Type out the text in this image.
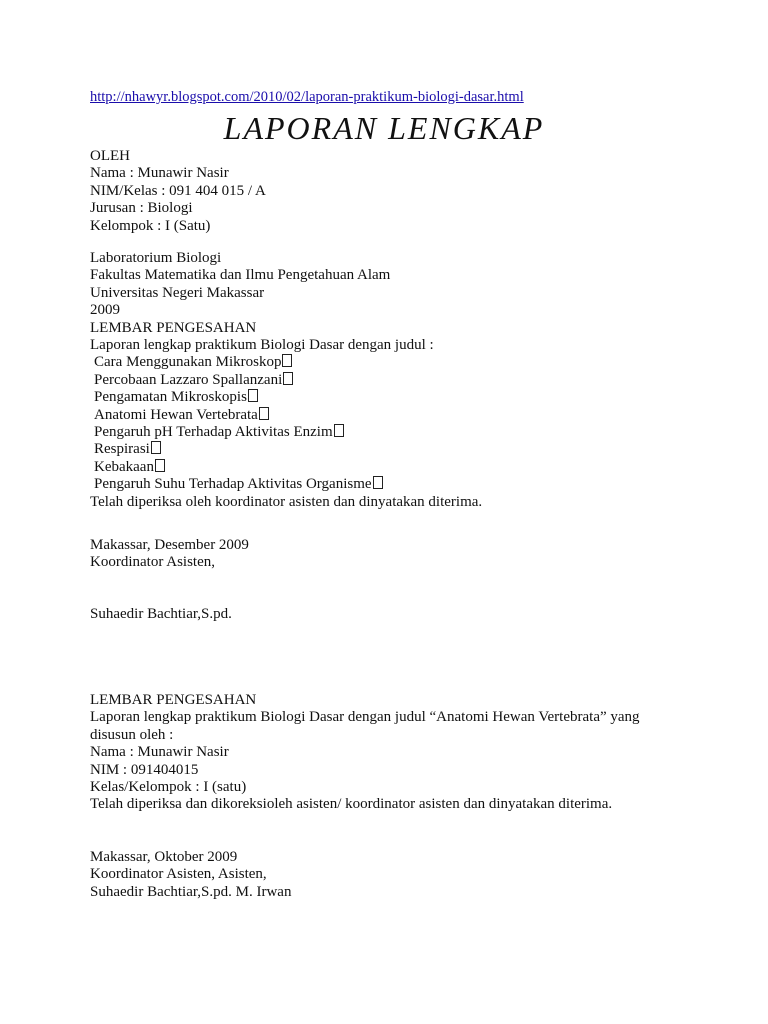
http://nhawyr.blogspot.com/2010/02/laporan-praktikum-biologi-dasar.html
LAPORAN LENGKAP
OLEH
Nama : Munawir Nasir
NIM/Kelas : 091 404 015 / A
Jurusan : Biologi
Kelompok : I (Satu)
Laboratorium Biologi
Fakultas Matematika dan Ilmu Pengetahuan Alam
Universitas Negeri Makassar
2009
LEMBAR PENGESAHAN
Laporan lengkap praktikum Biologi Dasar dengan judul :
Cara Menggunakan Mikroskop
Percobaan Lazzaro Spallanzani
Pengamatan Mikroskopis
Anatomi Hewan Vertebrata
Pengaruh pH Terhadap Aktivitas Enzim
Respirasi
Kebakaan
Pengaruh Suhu Terhadap Aktivitas Organisme
Telah diperiksa oleh koordinator asisten dan dinyatakan diterima.
Makassar, Desember 2009
Koordinator Asisten,
Suhaedir Bachtiar,S.pd.
LEMBAR PENGESAHAN
Laporan lengkap praktikum Biologi Dasar dengan judul “Anatomi Hewan Vertebrata” yang
disusun oleh :
Nama : Munawir Nasir
NIM : 091404015
Kelas/Kelompok : I (satu)
Telah diperiksa dan dikoreksioleh asisten/ koordinator asisten dan dinyatakan diterima.
Makassar, Oktober 2009
Koordinator Asisten, Asisten,
Suhaedir Bachtiar,S.pd. M. Irwan
